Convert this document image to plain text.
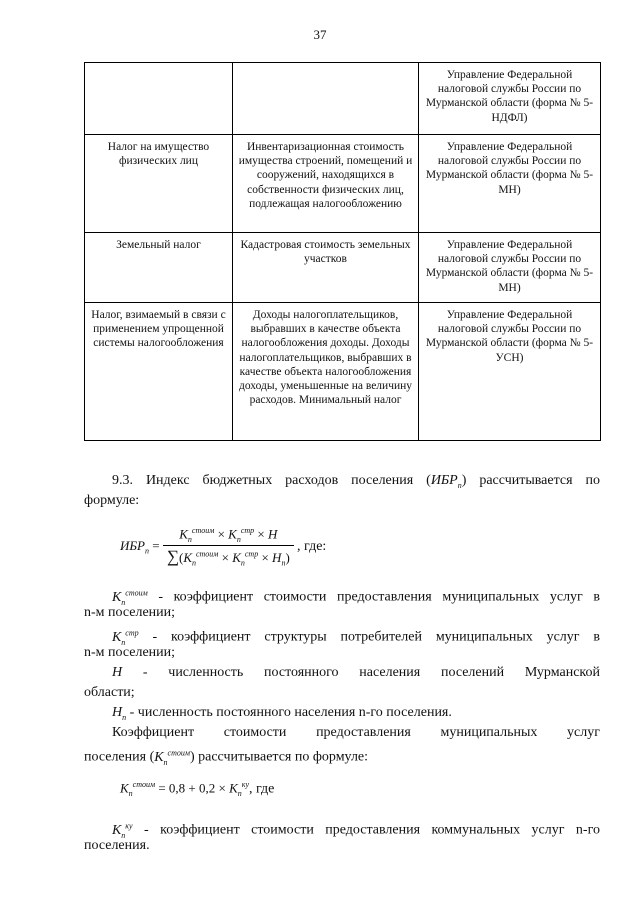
37
		Управление Федеральной налоговой службы России по Мурманской области (форма № 5-НДФЛ)
Налог на имущество физических лиц	Инвентаризационная стоимость имущества строений, помещений и сооружений, находящихся в собственности физических лиц, подлежащая налогообложению	Управление Федеральной налоговой службы России по Мурманской области (форма № 5-МН)
Земельный налог	Кадастровая стоимость земельных участков	Управление Федеральной налоговой службы России по Мурманской области (форма № 5-МН)
Налог, взимаемый в связи с применением упрощенной системы налогообложения	Доходы налогоплательщиков, выбравших в качестве объекта налогообложения доходы. Доходы налогоплательщиков, выбравших в качестве объекта налогообложения доходы, уменьшенные на величину расходов. Минимальный налог	Управление Федеральной налоговой службы России по Мурманской области (форма № 5-УСН)
9.3. Индекс бюджетных расходов поселения $(ИБР_п)$ рассчитывается по
формуле:
$ИБР_п = \frac{К_п^{стоим} \times К_п^{стр} \times Н}{\sum(К_п^{стоим} \times К_п^{стр} \times Н_п)}$ , где:
$К_п^{стоим}$ - коэффициент стоимости предоставления муниципальных услуг в
n-м поселении;
$К_п^{стр}$ - коэффициент структуры потребителей муниципальных услуг в
n-м поселении;
Н - численность постоянного населения поселений Мурманской
области;
$Н_п$ - численность постоянного населения n-го поселения.
Коэффициент стоимости предоставления муниципальных услуг
поселения $(К_п^{стоим})$ рассчитывается по формуле:
$К_п^{стоим} = 0,8 + 0,2 \times К_п^{ку}$, где
$К_п^{ку}$ - коэффициент стоимости предоставления коммунальных услуг n-го
поселения.
